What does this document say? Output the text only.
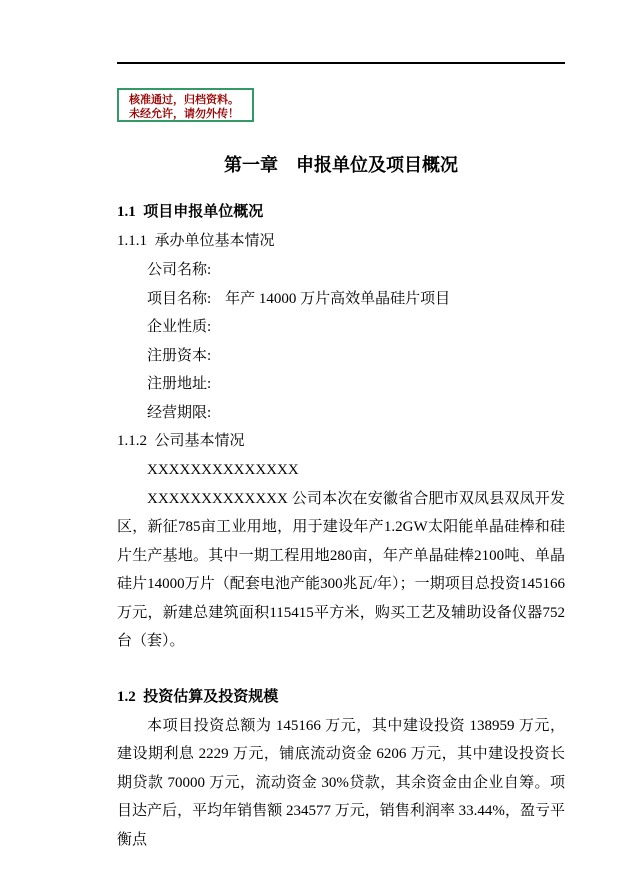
核准通过，归档资料。
未经允许，请勿外传！
第一章　申报单位及项目概况
1.1  项目申报单位概况
1.1.1  承办单位基本情况
公司名称:
项目名称: 年产 14000 万片高效单晶硅片项目
企业性质:
注册资本:
注册地址:
经营期限:
1.1.2  公司基本情况

XXXXXXXXXXXXXX

XXXXXXXXXXXXX 公司本次在安徽省合肥市双凤县双凤开发区，新征785亩工业用地，用于建设年产1.2GW太阳能单晶硅棒和硅片生产基地。其中一期工程用地280亩，年产单晶硅棒2100吨、单晶硅片14000万片（配套电池产能300兆瓦/年）；一期项目总投资145166万元，新建总建筑面积115415平方米，购买工艺及辅助设备仪器752台（套）。

1.2  投资估算及投资规模

本项目投资总额为 145166 万元，其中建设投资 138959 万元，建设期利息 2229 万元，铺底流动资金 6206 万元，其中建设投资长期贷款 70000 万元，流动资金 30%贷款，其余资金由企业自筹。项目达产后，平均年销售额 234577 万元，销售利润率 33.44%，盈亏平衡点
